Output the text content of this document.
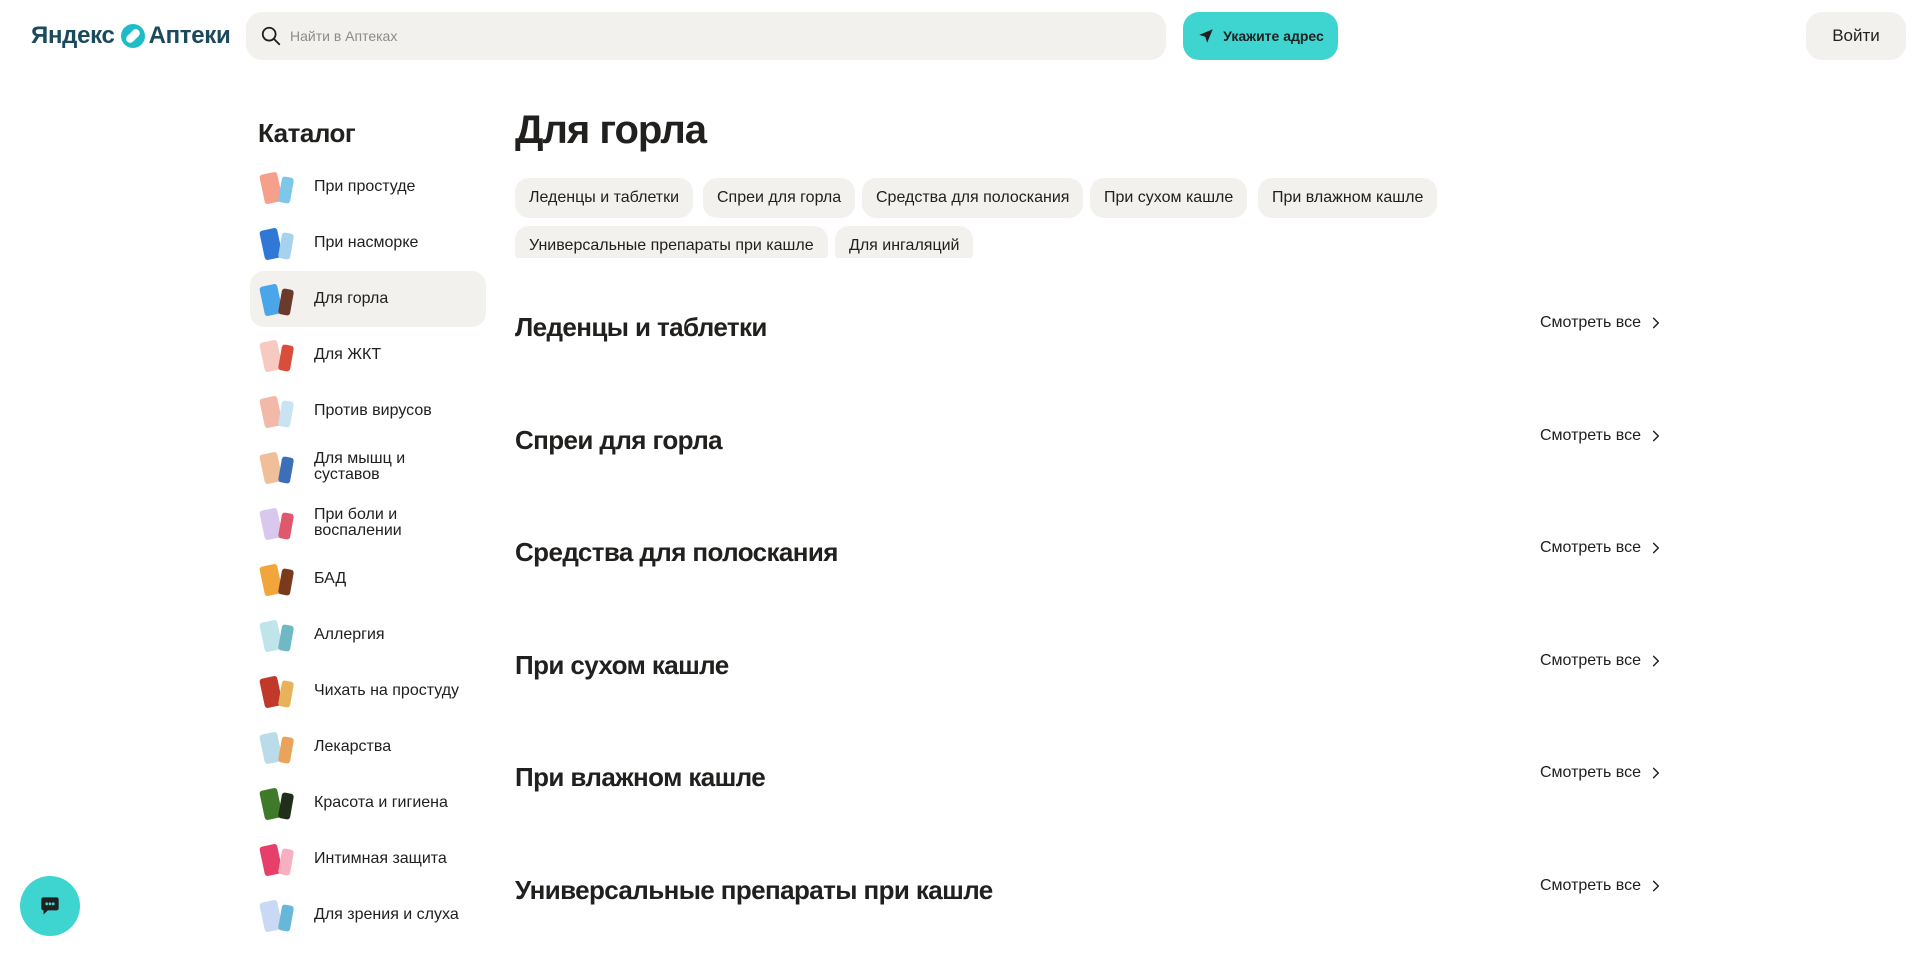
Яндекс Аптеки
Найти в Аптеках	Укажите адрес	Войти
Каталог
При простуде
При насморке
Для горла
Для ЖКТ
Против вирусов
Для мышц и суставов
При боли и воспалении
БАД
Аллергия
Чихать на простуду
Лекарства
Красота и гигиена
Интимная защита
Для зрения и слуха
Для горла
Леденцы и таблетки	Спреи для горла	Средства для полоскания	При сухом кашле	При влажном кашле
Универсальные препараты при кашле	Для ингаляций
Леденцы и таблетки	Смотреть все
Спреи для горла	Смотреть все
Средства для полоскания	Смотреть все
При сухом кашле	Смотреть все
При влажном кашле	Смотреть все
Универсальные препараты при кашле	Смотреть все
